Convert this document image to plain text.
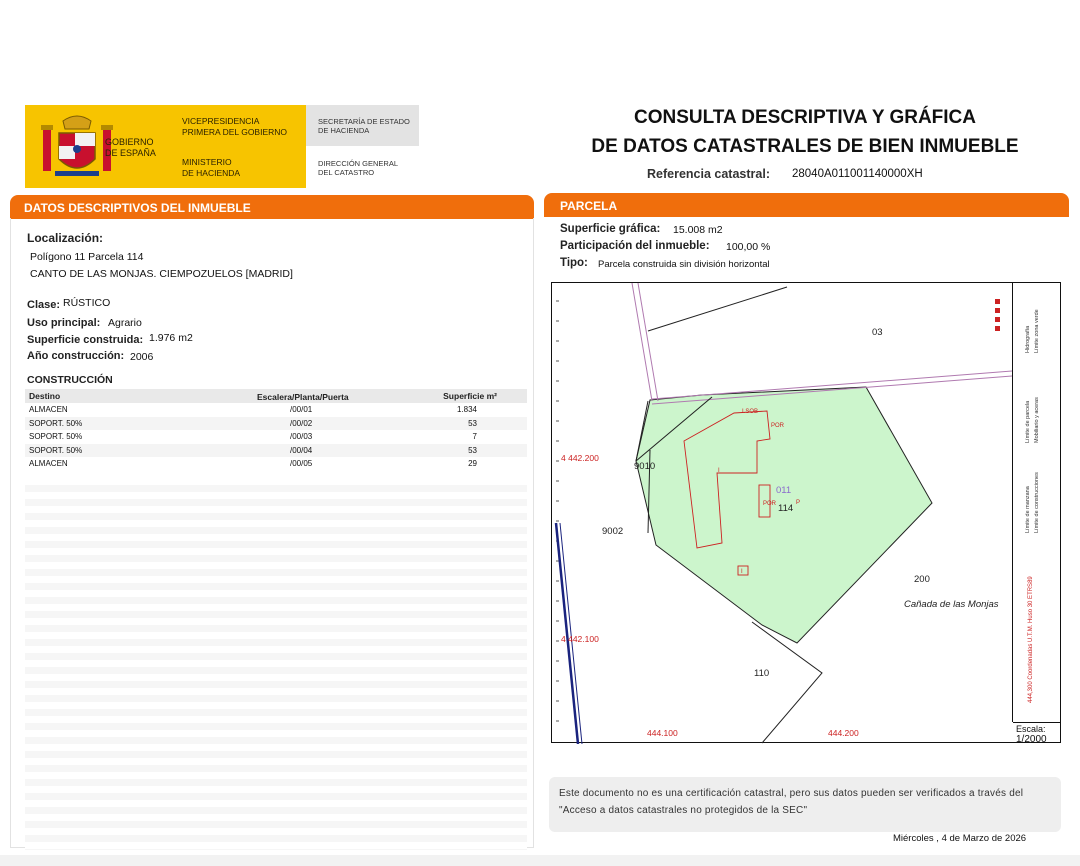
GOBIERNO
DE ESPAÑA
VICEPRESIDENCIA
PRIMERA DEL GOBIERNO
MINISTERIO
DE HACIENDA
SECRETARÍA DE ESTADO
DE HACIENDA
DIRECCIÓN GENERAL
DEL CATASTRO
CONSULTA DESCRIPTIVA Y GRÁFICA
DE DATOS CATASTRALES DE BIEN INMUEBLE
Referencia catastral: 28040A011001140000XH
DATOS DESCRIPTIVOS DEL INMUEBLE
Localización:
Polígono 11 Parcela 114
CANTO DE LAS MONJAS. CIEMPOZUELOS [MADRID]
Clase: RÚSTICO
Uso principal: Agrario
Superficie construida: 1.976 m2
Año construcción: 2006
CONSTRUCCIÓN
Destino	Escalera/Planta/Puerta	Superficie m²
ALMACEN	/00/01	1.834
SOPORT. 50%	/00/02	53
SOPORT. 50%	/00/03	7
SOPORT. 50%	/00/04	53
ALMACEN	/00/05	29
PARCELA
Superficie gráfica: 15.008 m2
Participación del inmueble: 100,00 %
Tipo: Parcela construida sin división horizontal
I.SOB
POR
I
POR	P
I
03
9010
9002
114
011
200
110
Cañada de las Monjas
4 442.200
4 442.100
444.100	444.200
Límite de manzana
Límite de parcela
Límite de construcciones
Mobiliario y aceras
Límite zona verde
Hidrografía
444,300 Coordenadas U.T.M. Huso 30 ETRS89
Escala:
1/2000

Este documento no es una certificación catastral, pero sus datos pueden ser verificados a través del "Acceso a datos catastrales no protegidos de la SEC"

Miércoles , 4 de Marzo de 2026
